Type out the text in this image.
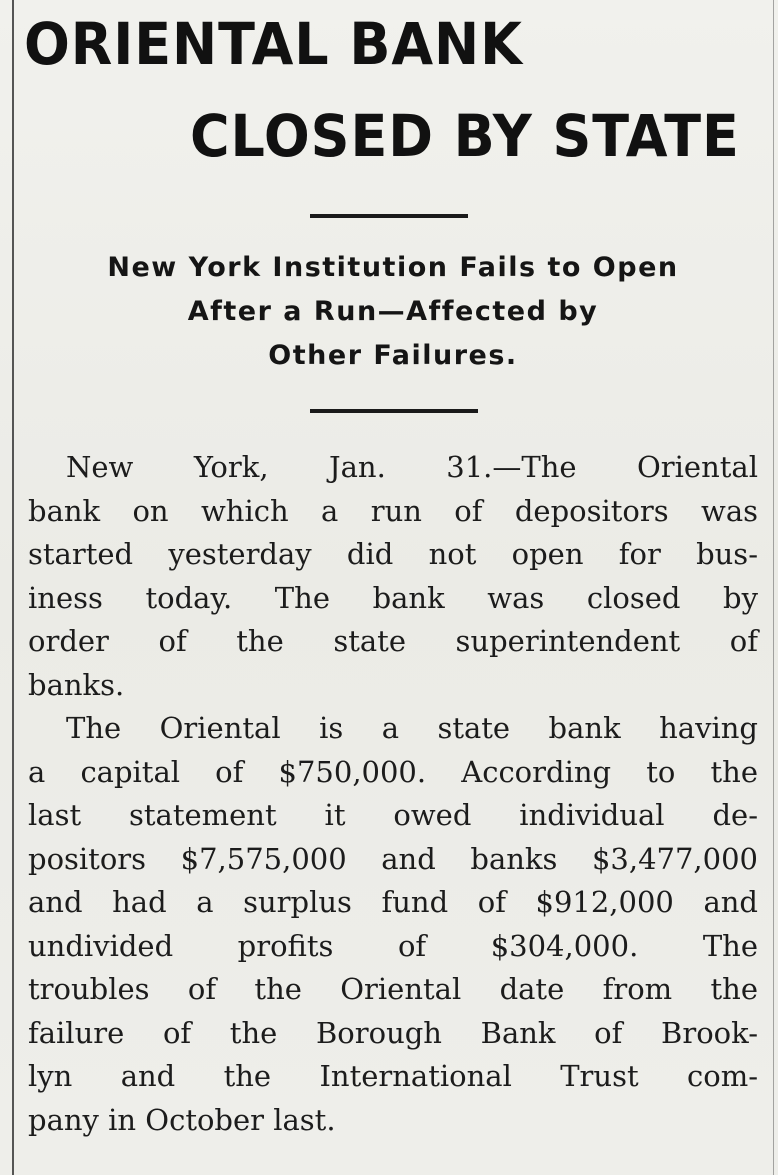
ORIENTAL BANK
CLOSED BY STATE
New York Institution Fails to Open
After a Run—Affected by
Other Failures.
New York, Jan. 31.—The Oriental
bank on which a run of depositors was
started yesterday did not open for bus-
iness today. The bank was closed by
order of the state superintendent of
banks.
The Oriental is a state bank having
a capital of $750,000. According to the
last statement it owed individual de-
positors $7,575,000 and banks $3,477,000
and had a surplus fund of $912,000 and
undivided profits of $304,000. The
troubles of the Oriental date from the
failure of the Borough Bank of Brook-
lyn and the International Trust com-
pany in October last.
